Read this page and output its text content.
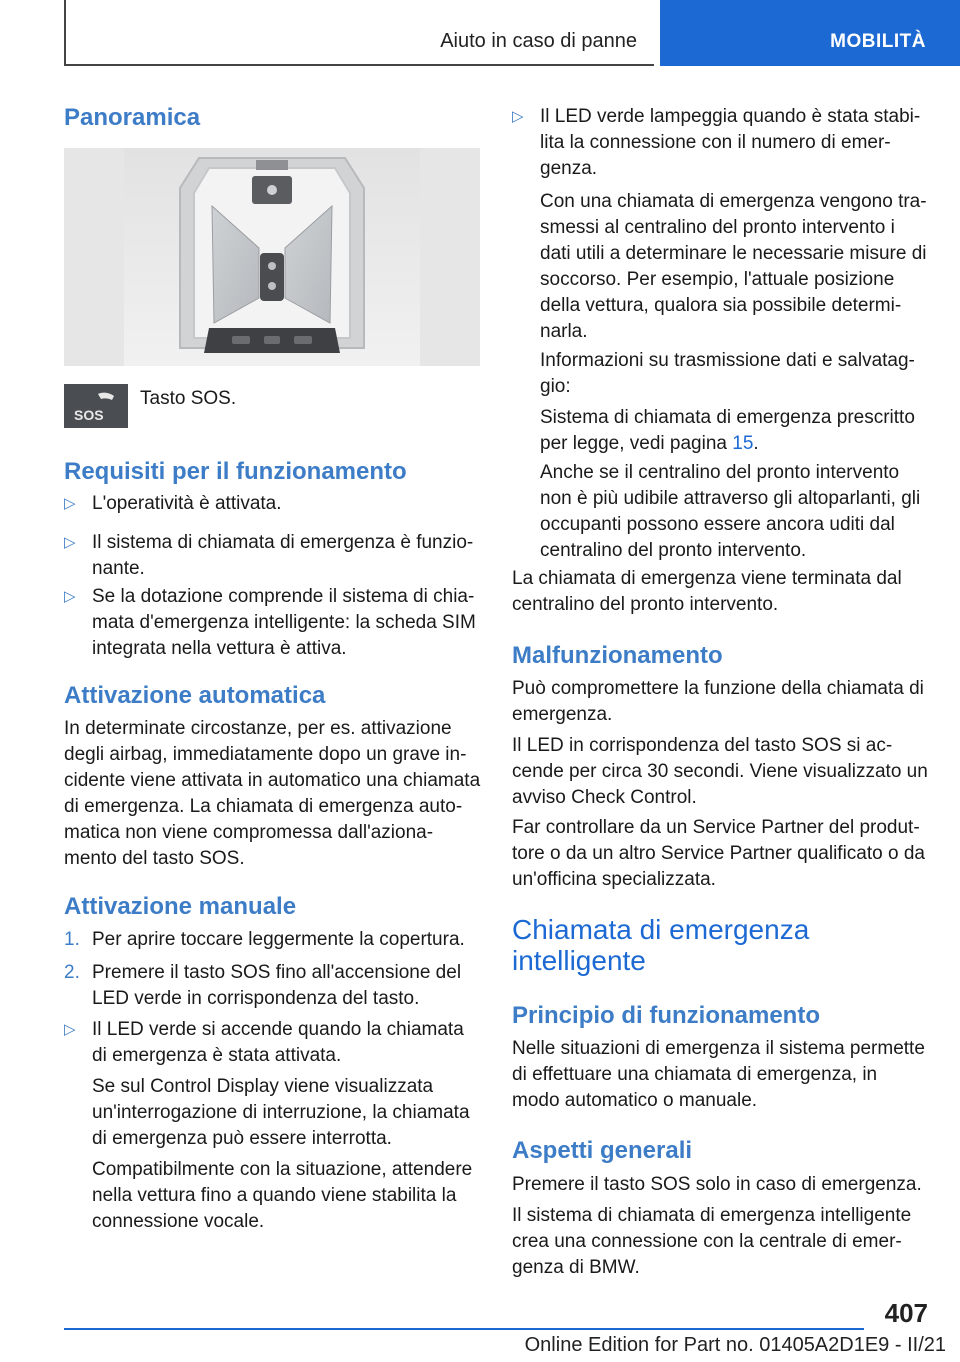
Aiuto in caso di panne	MOBILITÀ
Panoramica
SOS

Tasto SOS.

Requisiti per il funzionamento
▷ L'operatività è attivata.
▷ Il sistema di chiamata di emergenza è funzio-
nante.
▷ Se la dotazione comprende il sistema di chia-
mata d'emergenza intelligente: la scheda SIM
integrata nella vettura è attiva.
Attivazione automatica

In determinate circostanze, per es. attivazione

degli airbag, immediatamente dopo un grave in-

cidente viene attivata in automatico una chiamata

di emergenza. La chiamata di emergenza auto-

matica non viene compromessa dall'aziona-

mento del tasto SOS.

Attivazione manuale
1. Per aprire toccare leggermente la copertura.
2. Premere il tasto SOS fino all'accensione del
LED verde in corrispondenza del tasto.
▷ Il LED verde si accende quando la chiamata
di emergenza è stata attivata.
Se sul Control Display viene visualizzata
un'interrogazione di interruzione, la chiamata
di emergenza può essere interrotta.
Compatibilmente con la situazione, attendere
nella vettura fino a quando viene stabilita la
connessione vocale.
▷ Il LED verde lampeggia quando è stata stabi-
lita la connessione con il numero di emer-
genza.
Con una chiamata di emergenza vengono tra-
smessi al centralino del pronto intervento i
dati utili a determinare le necessarie misure di
soccorso. Per esempio, l'attuale posizione
della vettura, qualora sia possibile determi-
narla.
Informazioni su trasmissione dati e salvatag-
gio:
Sistema di chiamata di emergenza prescritto
per legge, vedi pagina 15.
Anche se il centralino del pronto intervento
non è più udibile attraverso gli altoparlanti, gli
occupanti possono essere ancora uditi dal
centralino del pronto intervento.

La chiamata di emergenza viene terminata dal

centralino del pronto intervento.

Malfunzionamento

Può compromettere la funzione della chiamata di

emergenza.

Il LED in corrispondenza del tasto SOS si ac-

cende per circa 30 secondi. Viene visualizzato un

avviso Check Control.

Far controllare da un Service Partner del produt-

tore o da un altro Service Partner qualificato o da

un'officina specializzata.

Chiamata di emergenza
intelligente
Principio di funzionamento

Nelle situazioni di emergenza il sistema permette

di effettuare una chiamata di emergenza, in

modo automatico o manuale.

Aspetti generali

Premere il tasto SOS solo in caso di emergenza.

Il sistema di chiamata di emergenza intelligente

crea una connessione con la centrale di emer-

genza di BMW.

407
Online Edition for Part no. 01405A2D1E9 - II/21
